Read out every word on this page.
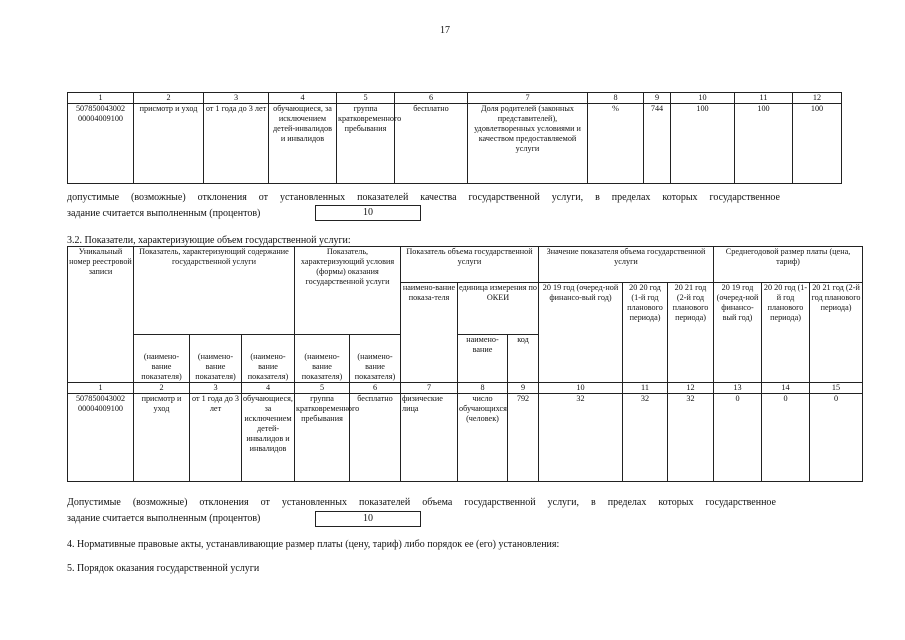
17
1	2	3	4	5	6	7	8	9	10	11	12
507850043002 00004009100	присмотр и уход	от 1 года до 3 лет	обучающиеся, за исключением детей-инвалидов и инвалидов	группа кратковременного пребывания	бесплатно	Доля родителей (законных представителей), удовлетворенных условиями и качеством предоставляемой услуги	%	744	100	100	100
допустимые (возможные) отклонения от установленных показателей качества государственной услуги, в пределах которых государственное
задание считается выполненным (процентов)	10
3.2. Показатели, характеризующие объем государственной услуги:
Уникальный номер реестровой записи	Показатель, характеризующий содержание государственной услуги			Показатель, характеризующий условия (формы) оказания государственной услуги		Показатель объема государственной услуги			Значение показателя объема государственной услуги			Среднегодовой размер платы (цена, тариф)		
						наимено-вание показа-теля	единица измерения по ОКЕИ		20 19 год (очеред-ной финансо-вый год)	20 20 год (1-й год планового периода)	20 21 год (2-й год планового периода)	20 19 год (очеред-ной финансо-вый год)	20 20 год (1-й год планового периода)	20 21 год (2-й год планового периода)
	(наимено-вание показателя)	(наимено-вание показателя)	(наимено-вание показателя)	(наимено-вание показателя)	(наимено-вание показателя)		наимено-вание	код						
1	2	3	4	5	6	7	8	9	10	11	12	13	14	15
507850043002 00004009100	присмотр и уход	от 1 года до 3 лет	обучающиеся, за исключением детей-инвалидов и инвалидов	группа кратковременного пребывания	бесплатно	физические лица	число обучающихся (человек)	792	32	32	32	0	0	0
Допустимые (возможные) отклонения от установленных показателей объема государственной услуги, в пределах которых государственное
задание считается выполненным (процентов)	10
4. Нормативные правовые акты, устанавливающие размер платы (цену, тариф) либо порядок ее (его) установления:
5. Порядок оказания государственной услуги
